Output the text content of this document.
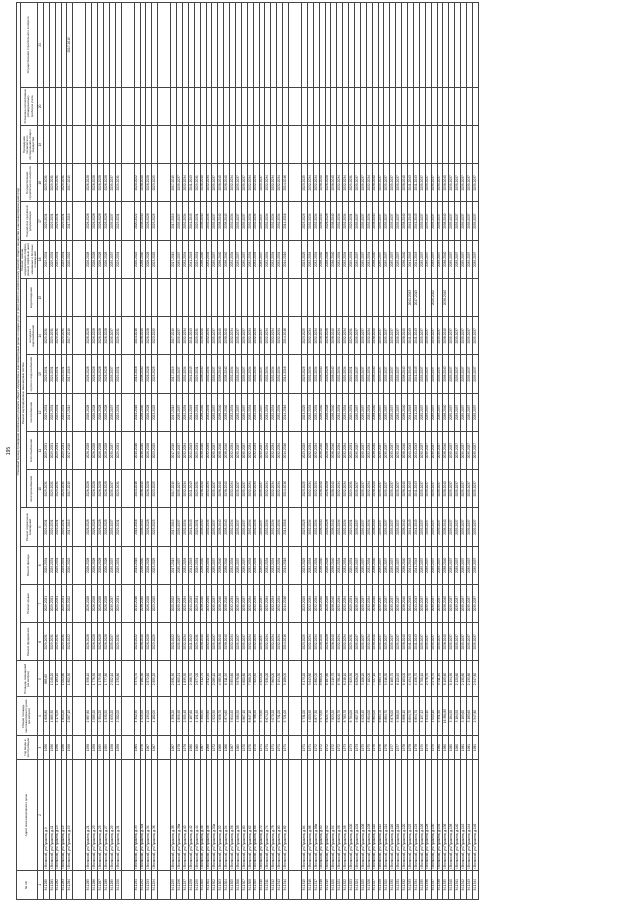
195
№ п/п	Адрес многоквартирного дома	Год ввода в эксплуатацию	Общая площадь многоквартирного дома (кв.метров)	Площадь помещений (кв.метров)	Плановый период проведения капитального ремонта общего имущества в многоквартирных домах по видам услуг и (или) работ по капитальному ремонту общего имущества в многоквартирном доме (год)															
					Ремонт фундамента	Ремонт крыши	Ремонт фасада	Ремонт подвальных помещений	Ремонт внутридомовых инженерных систем						Ремонт, замена, модернизация лифтов, ремонт лифтовых шахт, машинных и блочных помещений	Разработка проектной документации	Осуществление строительного контроля	Проведение технического обследования общего имущества	Установка коллективных (общедомовых) приборов учета	Осуществление строительного контроля
									электроснабжения	теплоснабжения	газоснабжения	горячего водоснабжения	холодного водоснабжения	водоотведения						
1	2	3	4	5	6	7	8	9	10	11	12	13	14	15	16	17	18	19	20	21
34.1280	г.Волжский, ул.Пушкина, д.9	1956	1 606,80	865,60	2029-2031	2029-2031	2029-2031	2029-2031	2029-2031	2029-2031	2029-2031	2029-2031	2029-2031		2029-2031	2029-2031	2029-2031			
34.1281	г.Волжский, ул.Пушкина, д.11	1956	1 889,30	1 048,20	2029-2031	2029-2031	2029-2031	2029-2031	2029-2031	2029-2031	2029-2031	2029-2031	2029-2031		2029-2031	2029-2031	2029-2031			
34.1282	г.Волжский, ул.Пушкина, д.13	1956	2 170,20	1 183,10	2029-2031	2029-2031	2029-2031	2029-2031	2029-2031	2029-2031	2029-2031	2029-2031	2029-2031		2029-2031	2029-2031	2029-2031			
34.1283	г.Волжский, ул.Пушкина, д.15	1956	1 814,20	1 002,80	2029-2031	2029-2031	2029-2031	2029-2031	2029-2031	2029-2031	2029-2031	2029-2031	2029-2031		2029-2031	2029-2031	2029-2031			
34.1284	г.Волжский, ул.Пушкина, д.19	1958	2 067,10	1 802,30	2020-2022	2020-2022	2020-2022	2017-2019	2017-2019	2017-2019	2017-2019	2017-2019	2017-2019		2020-2022	2017-2019	2017-2019			2017-2019

34.1285	г.Волжский, ул.Пушкина, д.21	1958	2 887,80	1 596,10	2026-2028	2026-2028	2026-2028	2026-2028	2026-2028	2026-2028	2026-2028	2026-2028	2026-2028		2026-2028	2026-2028	2026-2028			
34.1286	г.Волжский, ул.Пушкина, д.23	1958	2 085,20	1 776,30	2026-2028	2026-2028	2026-2028	2026-2028	2026-2028	2026-2028	2026-2028	2026-2028	2026-2028		2026-2028	2026-2028	2026-2028			
34.1287	г.Волжский, ул.Пушкина, д.25	1959	2 304,20	1 175,50	2026-2028	2026-2028	2026-2028	2026-2028	2026-2028	2026-2028	2026-2028	2026-2028	2026-2028		2026-2028	2026-2028	2026-2028			
34.1288	г.Волжский, ул.Пушкина, д.27	1959	1 930,50	1 777,80	2026-2028	2026-2028	2026-2028	2026-2028	2026-2028	2026-2028	2026-2028	2026-2028	2026-2028		2026-2028	2026-2028	2026-2028			
34.1289	г.Волжский, ул.Пушкина, д.29	1958	4 633,20	2 502,10	2035-2037	2035-2037	2035-2037	2035-2037	2035-2037	2035-2037	2035-2037	2035-2037	2035-2037		2035-2037	2035-2037	2035-2037			
34.1290	г.Волжский, ул.Пушкина, д.31	1958	2 282,00	1 230,80	2029-2031	2029-2031	2029-2031	2029-2031	2029-2031	2029-2031	2029-2031	2029-2031	2029-2031		2029-2031	2029-2031	2029-2031			

34.1291	г.Волжский, ул.Пушкина, д.33	1964	4 342,90	3 374,70	2020-2022	2014-2016	2014-2016	2014-2016	2014-2016	2014-2016	2014-2016	2014-2016	2014-2016		2020-2022	2020-2022	2020-2022			
34.1292	г.Волжский, ул.Пушкина, д.32а	1976	4 925,90	3 181,30	2038-2040	2038-2040	2038-2040	2038-2040	2038-2040	2038-2040	2038-2040	2038-2040	2038-2040		2038-2040	2038-2040	2038-2040			
34.1293	г.Волжский, ул.Пушкина, д.34	1967	4 139,00	2 872,60	2026-2028	2026-2028	2026-2028	2026-2028	2026-2028	2026-2028	2026-2028	2026-2028	2026-2028		2026-2028	2026-2028	2026-2028			
34.1294	г.Волжский, ул.Пушкина, д.36	1967	4 182,00	2 859,20	2023-2025	2023-2025	2023-2025	2023-2025	2023-2025	2023-2025	2023-2025	2023-2025	2023-2025		2023-2025	2023-2025	2023-2025			

34.1295	г.Волжский, ул.Пушкина, д.38	1967	4 356,20	2 831,30	2020-2022	2020-2022	2017-2019	2017-2019	2017-2019	2017-2019	2017-2019	2017-2019	2017-2019		2017-2019	2017-2019	2017-2019			
34.1296	г.Волжский, ул.Пушкина, д.38а	1978	2 899,90	1 805,21	2035-2037	2035-2037	2035-2037	2035-2037	2035-2037	2035-2037	2035-2037	2035-2037	2035-2037		2035-2037	2035-2037	2035-2037			
34.1297	г.Волжский, ул.Пушкина, д.40	1978	2 909,40	1 835,50	2032-2034	2032-2034	2032-2034	2032-2034	2032-2034	2032-2034	2032-2034	2032-2034	2032-2034		2032-2034	2032-2034	2032-2034			
34.1298	г.Волжский, ул.Пушкина, д.42	1980	4 167,60	2 966,70	2041-2043	2041-2043	2041-2043	2041-2043	2041-2043	2041-2043	2041-2043	2041-2043	2041-2043		2041-2043	2041-2043	2041-2043			
34.1299	г.Волжский, ул.Пушкина, д.44	1969	4 191,90	2 877,00	2029-2031	2029-2031	2029-2031	2029-2031	2029-2031	2029-2031	2029-2031	2029-2031	2029-2031		2029-2031	2029-2031	2029-2031			
34.1300	г.Волжский, ул.Пушкина, д.46	1967	5 380,90	3 412,70	2038-2040	2038-2040	2038-2040	2038-2040	2038-2040	2038-2040	2038-2040	2038-2040	2038-2040		2038-2040	2038-2040	2038-2040			
34.1301	г.Волжский, ул.Пушкина, д.48	1968	4 499,80	2 812,40	2032-2034	2032-2034	2032-2034	2032-2034	2032-2034	2032-2034	2032-2034	2032-2034	2032-2034		2032-2034	2032-2034	2032-2034			
34.1302	г.Волжский, ул.Пушкина, д.50а	1972	2 522,50	2 089,10	2035-2037	2035-2037	2035-2037	2035-2037	2035-2037	2035-2037	2035-2037	2035-2037	2035-2037		2035-2037	2035-2037	2035-2037			
34.1303	г.Волжский, ул.Пушкина, д.52	1966	7 658,70	4 989,50	2038-2040	2038-2040	2038-2040	2038-2040	2038-2040	2038-2040	2038-2040	2038-2040	2038-2040		2038-2040	2038-2040	2038-2040			
34.1304	г.Волжский, ул.Пушкина, д.54	1966	5 874,60	6 311,90	2038-2040	2038-2040	2038-2040	2038-2040	2038-2040	2038-2040	2038-2040	2038-2040	2038-2040		2038-2040	2038-2040	2038-2040			
34.1305	г.Волжский, ул.Пушкина, д.56	1967	5 814,40	3 854,60	2032-2034	2032-2034	2032-2034	2032-2034	2032-2034	2032-2034	2032-2034	2032-2034	2032-2034		2032-2034	2032-2034	2032-2034			
34.1306	г.Волжский, ул.Пушкина, д.58	1969	4 989,50	3 878,60	2035-2037	2035-2037	2035-2037	2035-2037	2035-2037	2035-2037	2035-2037	2035-2037	2035-2037		2035-2037	2035-2037	2035-2037			
34.1307	г.Волжский, ул.Пушкина, д.60	1970	6 867,10	4 800,80	2035-2037	2035-2037	2035-2037	2035-2037	2035-2037	2035-2037	2035-2037	2035-2037	2035-2037		2035-2037	2035-2037	2035-2037			
34.1308	г.Волжский, ул.Пушкина, д.62	1970	8 847,10	7 568,20	2032-2034	2032-2034	2032-2034	2032-2034	2032-2034	2032-2034	2032-2034	2032-2034	2032-2034		2032-2034	2032-2034	2032-2034			
34.1309	г.Волжский, ул.Пушкина, д.66	1970	8 786,90	7 823,40	2032-2034	2032-2034	2032-2034	2032-2034	2032-2034	2032-2034	2032-2034	2032-2034	2032-2034		2032-2034	2032-2034	2032-2034			
34.1310	г.Волжский, ул.Пушкина, д.72	1971	5 779,90	4 823,20	2035-2037	2035-2037	2035-2037	2035-2037	2035-2037	2035-2037	2035-2037	2035-2037	2035-2037		2035-2037	2035-2037	2035-2037			
34.1311	г.Волжский, ул.Пушкина, д.74	1971	8 674,20	7 631,00	2032-2034	2032-2034	2032-2034	2032-2034	2032-2034	2032-2034	2032-2034	2032-2034	2032-2034		2032-2034	2032-2034	2032-2034			
34.1312	г.Волжский, ул.Пушкина, д.78	1971	9 070,20	7 863,00	2032-2034	2032-2034	2032-2034	2032-2034	2032-2034	2032-2034	2032-2034	2032-2034	2032-2034		2032-2034	2032-2034	2032-2034			
34.1313	г.Волжский, ул.Пушкина, д.80	1971	5 731,00	5 194,30	2032-2034	2032-2034	2032-2034	2032-2034	2032-2034	2032-2034	2032-2034	2032-2034	2032-2034		2032-2034	2032-2034	2032-2034			
34.1314	г.Волжский, ул.Пушкина, д.82	1971	5 721,00	5 168,00	2014-2016	2014-2016	2014-2016	2014-2016	2014-2016	2014-2016	2014-2016	2014-2016	2014-2016		2014-2016	2014-2016	2014-2016			

34.1315	г.Волжский, ул.Пушкина, д.84	1971	5 731,00	5 173,20	2023-2025	2023-2025	2023-2025	2023-2025	2023-2025	2023-2025	2023-2025	2023-2025	2023-2025		2023-2025	2023-2025	2023-2025			
34.1316	г.Волжский, ул.Пушкина, д.86	1971	4 003,90	3 643,80	2032-2034	2032-2034	2032-2034	2032-2034	2032-2034	2032-2034	2032-2034	2032-2034	2032-2034		2032-2034	2032-2034	2032-2034			
34.1317	г.Волжский, ул.Пушкина, д.88а	1972	8 877,30	2 882,00	2032-2034	2032-2034	2032-2034	2032-2034	2032-2034	2032-2034	2032-2034	2032-2034	2032-2034		2032-2034	2032-2034	2032-2034			
34.1318	г.Волжский, ул.Пушкина, д.90	1972	9 973,50	8 880,00	2038-2040	2038-2040	2038-2040	2038-2040	2038-2040	2038-2040	2038-2040	2038-2040	2038-2040		2038-2040	2038-2040	2038-2040			
34.1319	г.Волжский, ул.Пушкина, д.92	1972	8 829,70	6 187,80	2026-2028	2026-2028	2026-2028	2026-2028	2026-2028	2026-2028	2026-2028	2026-2028	2026-2028		2026-2028	2026-2028	2026-2028			
34.1320	г.Волжский, ул.Пушкина, д.94	1972	7 823,20	5 219,70	2038-2040	2038-2040	2038-2040	2038-2040	2038-2040	2038-2040	2038-2040	2038-2040	2038-2040		2038-2040	2038-2040	2038-2040			
34.1321	г.Волжский, ул.Пушкина, д.96	1972	8 820,70	6 781,40	2032-2034	2032-2034	2032-2034	2032-2034	2032-2034	2032-2034	2032-2034	2032-2034	2032-2034		2032-2034	2032-2034	2032-2034			
34.1322	г.Волжский, ул.Пушкина, д.98	1973	8 783,70	8 218,10	2032-2034	2032-2034	2032-2034	2032-2034	2032-2034	2032-2034	2032-2034	2032-2034	2032-2034		2032-2034	2032-2034	2032-2034			
34.1323	г.Волжский, ул.Пушкина, д.100	1973	8 764,00	7 823,30	2029-2031	2029-2031	2029-2031	2029-2031	2029-2031	2029-2031	2029-2031	2029-2031	2029-2031		2029-2031	2029-2031	2029-2031			
34.1324	г.Волжский, ул.Пушкина, д.104	1973	9 807,20	6 826,00	2035-2037	2035-2037	2035-2037	2035-2037	2035-2037	2035-2037	2035-2037	2035-2037	2035-2037		2035-2037	2035-2037	2035-2037			
34.1325	г.Волжский, ул.Пушкина, д.106	1975	6 920,40	3 106,20	2035-2037	2035-2037	2035-2037	2035-2037	2035-2037	2035-2037	2035-2037	2035-2037	2035-2037		2035-2037	2035-2037	2035-2037			
34.1326	г.Волжский, ул.Пушкина, д.108	1975	8 804,00	7 182,00	2032-2034	2032-2034	2032-2034	2032-2034	2032-2034	2032-2034	2032-2034	2032-2034	2032-2034		2032-2034	2032-2034	2032-2034			
34.1327	г.Волжский, ул.Пушкина, д.110	1976	8 863,00	7 927,10	2038-2040	2038-2040	2038-2040	2038-2040	2038-2040	2038-2040	2038-2040	2038-2040	2038-2040		2038-2040	2038-2040	2038-2040			
34.1328	г.Волжский, ул.Пушкина, д.112	1976	8 864,70	5 884,70	2035-2037	2035-2037	2035-2037	2035-2037	2035-2037	2035-2037	2035-2037	2035-2037	2035-2037		2035-2037	2035-2037	2035-2037			
34.1329	г.Волжский, ул.Пушкина, д.114	1976	8 884,70	5 916,30	2035-2037	2035-2037	2035-2037	2035-2037	2035-2037	2035-2037	2035-2037	2035-2037	2035-2037		2035-2037	2035-2037	2035-2037			
34.1330	г.Волжский, ул.Пушкина, д.116	1977	8 876,00	6 165,70	2035-2037	2035-2037	2035-2037	2035-2037	2035-2037	2035-2037	2035-2037	2035-2037	2035-2037		2035-2037	2035-2037	2035-2037			
34.1331	г.Волжский, ул.Пушкина, д.118	1977	9 368,90	6 119,90	2035-2037	2035-2037	2035-2037	2035-2037	2035-2037	2035-2037	2035-2037	2035-2037	2035-2037		2035-2037	2035-2037	2035-2037			
34.1332	г.Волжский, ул.Пушкина, д.120	1978	8 886,10	6 163,00	2038-2040	2038-2040	2038-2040	2038-2040	2038-2040	2038-2040	2038-2040	2038-2040	2038-2040		2038-2040	2038-2040	2038-2040			
34.1333	г.Волжский, ул.Пушкина, д.122	1978	6 694,70	4 494,70	2041-2043	2041-2043	2041-2043	2041-2043	2041-2043	2041-2043	2041-2043	2041-2043	2041-2043	2041-2043	2041-2043	2041-2043	2041-2043			
34.1334	г.Волжский, ул.Пушкина, д.124	1978	6 894,70	4 496,70	2041-2043	2041-2043	2041-2043	2041-2043	2041-2043	2041-2043	2041-2043	2041-2043	2041-2043	2017-2019	2041-2043	2041-2043	2041-2043			
34.1335	г.Волжский, ул.Пушкина, д.126	1979	6 157,12	5 700,10	2035-2037	2035-2037	2035-2037	2035-2037	2035-2037	2035-2037	2035-2037	2035-2037	2035-2037		2035-2037	2035-2037	2035-2037			
34.1336	г.Волжский, ул.Пушкина, д.128	1979	4 043,10	2 576,70	2035-2037	2035-2037	2035-2037	2035-2037	2035-2037	2035-2037	2035-2037	2035-2037	2035-2037		2035-2037	2035-2037	2035-2037			
34.1337	г.Волжский, ул.Пушкина, д.130	1979	4 043,10	2 576,70	2035-2037	2035-2037	2035-2037	2035-2037	2035-2037	2035-2037	2035-2037	2035-2037	2035-2037	2020-2022	2035-2037	2035-2037	2035-2037			
34.1338	г.Волжский, ул.Пушкина, д.134	1980	5 391,50	5 911,40	2035-2037	2035-2037	2035-2037	2035-2037	2035-2037	2035-2037	2035-2037	2035-2037	2035-2037		2035-2037	2035-2037	2035-2037			
34.1339	г.Волжский, ул.Пушкина, д.136	1980	16 384,80	8 195,60	2038-2040	2038-2040	2038-2040	2038-2040	2038-2040	2038-2040	2038-2040	2038-2040	2038-2040	2038-2040	2038-2040	2038-2040	2038-2040			
34.1340	г.Волжский, ул.Пушкина, д.138	1980	3 184,50	8 194,30	2035-2037	2035-2037	2035-2037	2035-2037	2035-2037	2035-2037	2035-2037	2035-2037	2035-2037		2035-2037	2035-2037	2035-2037			
34.1341	г.Волжский, ул.Пушкина, д.140	1980	3 184,50	2 120,60	2035-2037	2035-2037	2035-2037	2035-2037	2035-2037	2035-2037	2035-2037	2035-2037	2035-2037		2035-2037	2035-2037	2035-2037			
34.1342	г.Волжский, ул.Пушкина, д.142	1981	3 183,60	2 130,80	2035-2037	2035-2037	2035-2037	2035-2037	2035-2037	2035-2037	2035-2037	2035-2037	2035-2037		2035-2037	2035-2037	2035-2037			
34.1343	г.Волжский, ул.Пушкина, д.144	1981	3 183,60	2 130,80	2035-2037	2035-2037	2035-2037	2035-2037	2035-2037	2035-2037	2035-2037	2035-2037	2035-2037		2035-2037	2035-2037	2035-2037			
34.1344	г.Волжский, ул.Пушкина, д.146	1981	2 547,80	2 547,80	2035-2037	2035-2037	2035-2037	2035-2037	2035-2037	2035-2037	2035-2037	2035-2037	2035-2037		2035-2037	2035-2037	2035-2037			
